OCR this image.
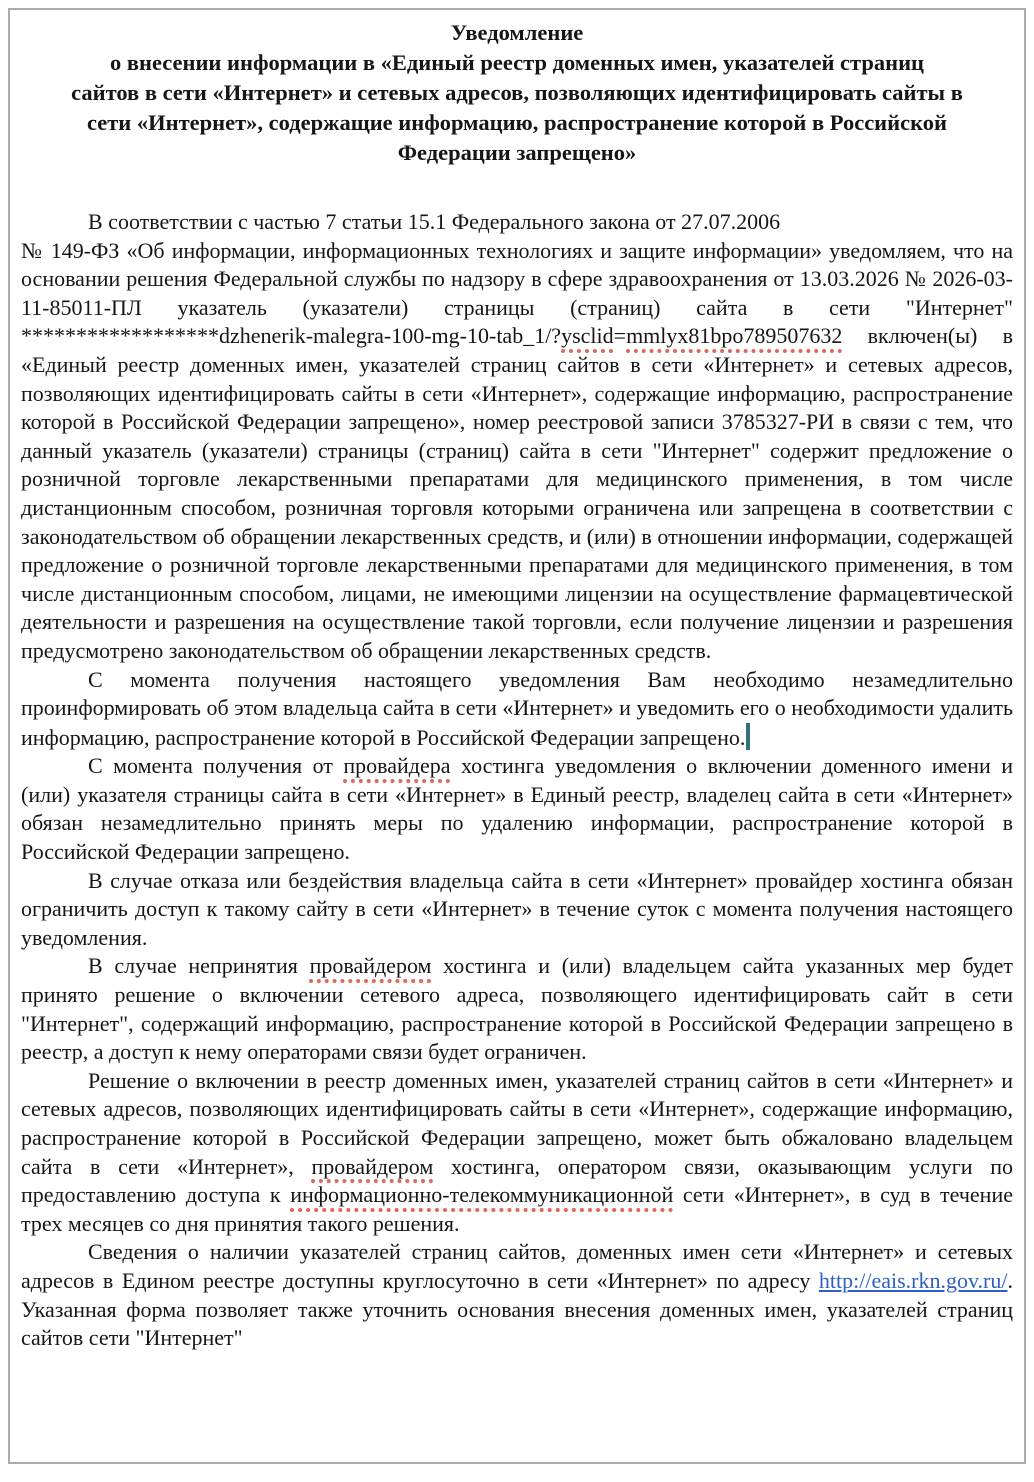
Уведомление
о внесении информации в «Единый реестр доменных имен, указателей страниц
сайтов в сети «Интернет» и сетевых адресов, позволяющих идентифицировать сайты в
сети «Интернет», содержащие информацию, распространение которой в Российской
Федерации запрещено»

В соответствии с частью 7 статьи 15.1 Федерального закона от 27.07.2006
№ 149-ФЗ «Об информации, информационных технологиях и защите информации» уведомляем, что на основании решения Федеральной службы по надзору в сфере здравоохранения от 13.03.2026 № 2026-03-11-85011-ПЛ указатель (указатели) страницы (страниц) сайта в сети "Интернет" ******************dzhenerik-malegra-100-mg-10-tab_1/?ysclid=mmlyx81bpo789507632 включен(ы) в «Единый реестр доменных имен, указателей страниц сайтов в сети «Интернет» и сетевых адресов, позволяющих идентифицировать сайты в сети «Интернет», содержащие информацию, распространение которой в Российской Федерации запрещено», номер реестровой записи 3785327-РИ в связи с тем, что данный указатель (указатели) страницы (страниц) сайта в сети "Интернет" содержит предложение о розничной торговле лекарственными препаратами для медицинского применения, в том числе дистанционным способом, розничная торговля которыми ограничена или запрещена в соответствии с законодательством об обращении лекарственных средств, и (или) в отношении информации, содержащей предложение о розничной торговле лекарственными препаратами для медицинского применения, в том числе дистанционным способом, лицами, не имеющими лицензии на осуществление фармацевтической деятельности и разрешения на осуществление такой торговли, если получение лицензии и разрешения предусмотрено законодательством об обращении лекарственных средств.

С момента получения настоящего уведомления Вам необходимо незамедлительно проинформировать об этом владельца сайта в сети «Интернет» и уведомить его о необходимости удалить информацию, распространение которой в Российской Федерации запрещено.

С момента получения от провайдера хостинга уведомления о включении доменного имени и (или) указателя страницы сайта в сети «Интернет» в Единый реестр, владелец сайта в сети «Интернет» обязан незамедлительно принять меры по удалению информации, распространение которой в Российской Федерации запрещено.

В случае отказа или бездействия владельца сайта в сети «Интернет» провайдер хостинга обязан ограничить доступ к такому сайту в сети «Интернет» в течение суток с момента получения настоящего уведомления.

В случае непринятия провайдером хостинга и (или) владельцем сайта указанных мер будет принято решение о включении сетевого адреса, позволяющего идентифицировать сайт в сети "Интернет", содержащий информацию, распространение которой в Российской Федерации запрещено в реестр, а доступ к нему операторами связи будет ограничен.

Решение о включении в реестр доменных имен, указателей страниц сайтов в сети «Интернет» и сетевых адресов, позволяющих идентифицировать сайты в сети «Интернет», содержащие информацию, распространение которой в Российской Федерации запрещено, может быть обжаловано владельцем сайта в сети «Интернет», провайдером хостинга, оператором связи, оказывающим услуги по предоставлению доступа к информационно-телекоммуникационной сети «Интернет», в суд в течение трех месяцев со дня принятия такого решения.

Сведения о наличии указателей страниц сайтов, доменных имен сети «Интернет» и сетевых адресов в Едином реестре доступны круглосуточно в сети «Интернет» по адресу http://eais.rkn.gov.ru/. Указанная форма позволяет также уточнить основания внесения доменных имен, указателей страниц сайтов сети "Интернет"
